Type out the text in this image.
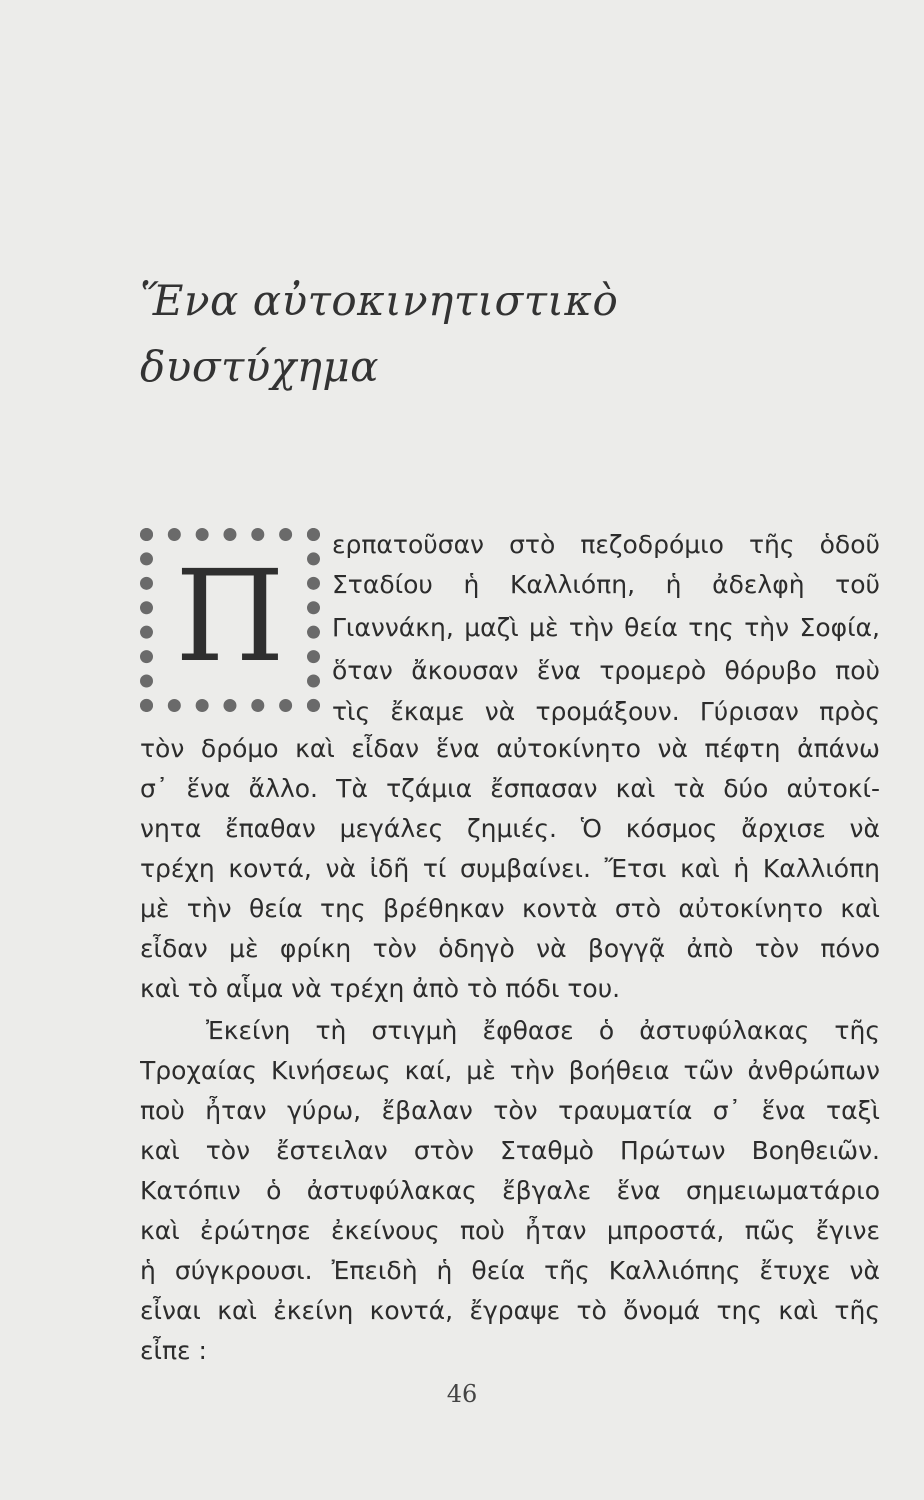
Ἕνα αὐτοκινητιστικὸ
δυστύχημα
Π ερπατοῦσαν στὸ πεζοδρόμιο τῆς ὁδοῦ
Σταδίου ἡ Καλλιόπη, ἡ ἀδελφὴ τοῦ
Γιαννάκη, μαζὶ μὲ τὴν θεία της τὴν Σοφία,
ὅταν ἄκουσαν ἕνα τρομερὸ θόρυβο ποὺ
τὶς ἔκαμε νὰ τρομάξουν. Γύρισαν πρὸς
τὸν δρόμο καὶ εἶδαν ἕνα αὐτοκίνητο νὰ πέφτη ἀπάνω
σ᾽ ἕνα ἄλλο. Τὰ τζάμια ἔσπασαν καὶ τὰ δύο αὐτοκί-
νητα ἔπαθαν μεγάλες ζημιές. Ὁ κόσμος ἄρχισε νὰ
τρέχη κοντά, νὰ ἰδῆ τί συμβαίνει. Ἔτσι καὶ ἡ Καλλιόπη
μὲ τὴν θεία της βρέθηκαν κοντὰ στὸ αὐτοκίνητο καὶ
εἶδαν μὲ φρίκη τὸν ὁδηγὸ νὰ βογγᾷ ἀπὸ τὸν πόνο
καὶ τὸ αἷμα νὰ τρέχη ἀπὸ τὸ πόδι του.
Ἐκείνη τὴ στιγμὴ ἔφθασε ὁ ἀστυφύλακας τῆς
Τροχαίας Κινήσεως καί, μὲ τὴν βοήθεια τῶν ἀνθρώπων
ποὺ ἦταν γύρω, ἔβαλαν τὸν τραυματία σ᾽ ἕνα ταξὶ
καὶ τὸν ἔστειλαν στὸν Σταθμὸ Πρώτων Βοηθειῶν.
Κατόπιν ὁ ἀστυφύλακας ἔβγαλε ἕνα σημειωματάριο
καὶ ἐρώτησε ἐκείνους ποὺ ἦταν μπροστά, πῶς ἔγινε
ἡ σύγκρουσι. Ἐπειδὴ ἡ θεία τῆς Καλλιόπης ἔτυχε νὰ
εἶναι καὶ ἐκείνη κοντά, ἔγραψε τὸ ὄνομά της καὶ τῆς
εἶπε :
46
